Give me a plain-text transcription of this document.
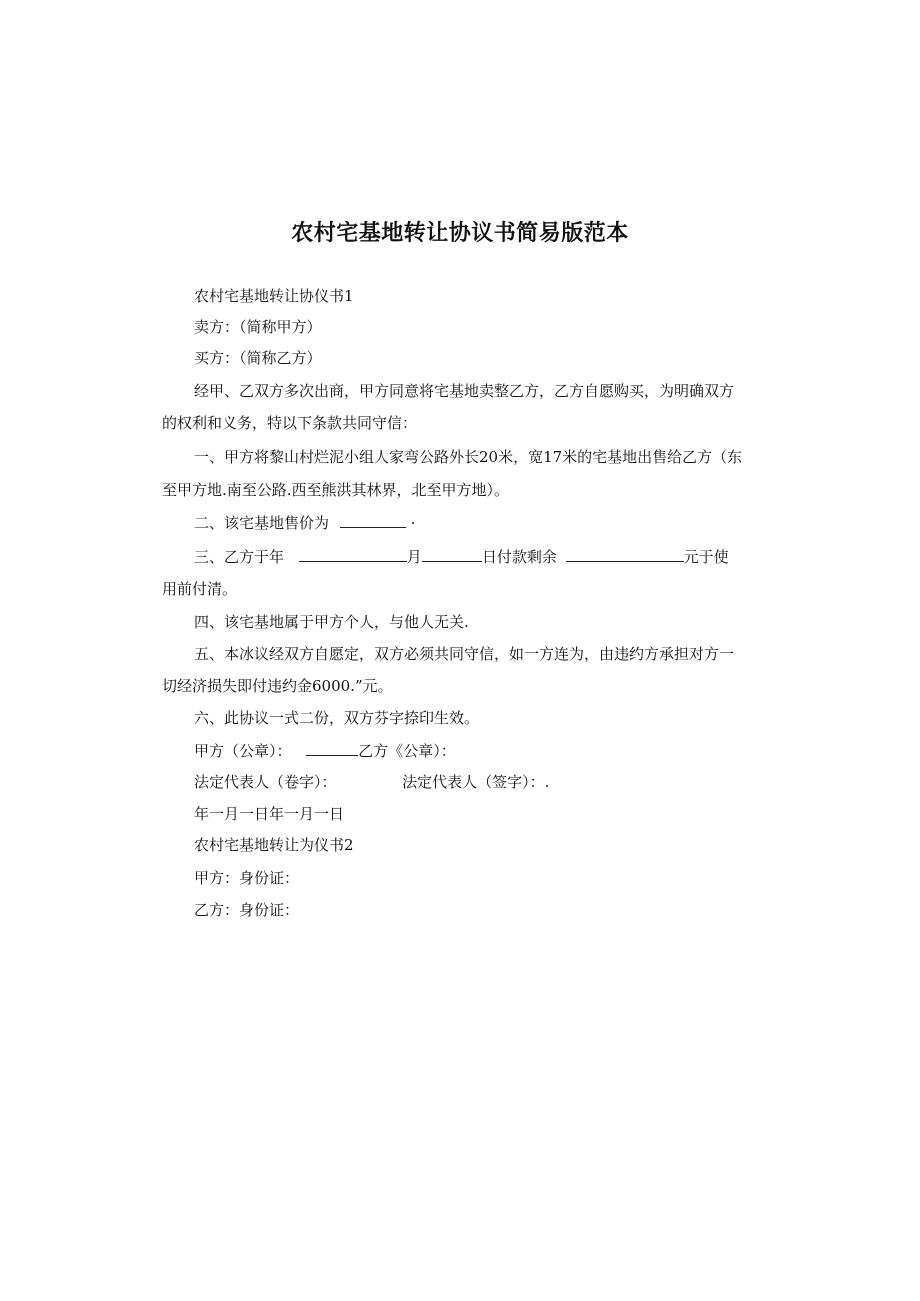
农村宅基地转让协议书简易版范本
农村宅基地转让协仪书1
卖方：（简称甲方）
买方：（简称乙方）
经甲、乙双方多次出商，甲方同意将宅基地卖整乙方，乙方自愿购买，为明确双方
的权利和义务，特以下条款共同守信：
一、甲方将黎山村烂泥小组人家弯公路外长20米，宽17米的宅基地出售给乙方（东
至甲方地.南至公路.西至熊洪其林界，北至甲方地）。
二、该宅基地售价为	·
三、乙方于年	月	日付款剩余	元于使
用前付清。
四、该宅基地属于甲方个人，与他人无关.
五、本冰议经双方自愿定，双方必须共同守信，如一方连为，由违约方承担对方一
切经济损失即付违约金6000.”元。
六、此协议一式二份，双方芬字捺印生效。
甲方（公章）：	乙方《公章）：
法定代表人（卷字）：	法定代表人（签字）：.
年一月一日年一月一日
农村宅基地转让为仪书2
甲方：身份证：
乙方：身份证：
